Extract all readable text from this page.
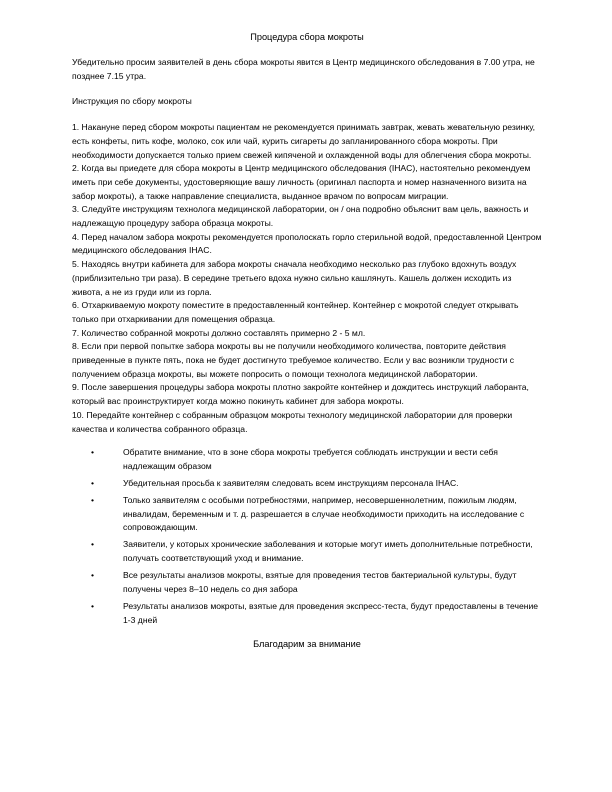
Процедура сбора мокроты
Убедительно просим заявителей в день сбора мокроты явится в Центр медицинского обследования в 7.00 утра, не позднее 7.15 утра.
Инструкция по сбору мокроты
1. Накануне перед сбором мокроты пациентам не рекомендуется принимать завтрак, жевать жевательную резинку, есть конфеты, пить кофе, молоко, сок или чай, курить сигареты до запланированного сбора мокроты. При необходимости допускается только прием свежей кипяченой и охлажденной воды для облегчения сбора мокроты.
2. Когда вы приедете для сбора мокроты в Центр медицинского обследования (IHAC), настоятельно рекомендуем иметь при себе документы, удостоверяющие вашу личность (оригинал паспорта и номер назначенного визита на забор мокроты), а также направление специалиста, выданное врачом по вопросам миграции.
3. Следуйте инструкциям технолога медицинской лаборатории, он / она подробно объяснит вам цель, важность и надлежащую процедуру забора образца мокроты.
4. Перед началом забора мокроты рекомендуется прополоскать горло стерильной водой, предоставленной Центром медицинского обследования IHAC.
5. Находясь внутри кабинета для забора мокроты сначала необходимо несколько раз глубоко вдохнуть воздух (приблизительно три раза). В середине третьего вдоха нужно сильно кашлянуть. Кашель должен исходить из живота, а не из груди или из горла.
6. Отхаркиваемую мокроту поместите в предоставленный контейнер. Контейнер с мокротой следует открывать только при отхаркивании для помещения образца.
7. Количество собранной мокроты должно составлять примерно 2 - 5 мл.
8. Если при первой попытке забора мокроты вы не получили необходимого количества, повторите действия приведенные в пункте пять, пока не будет достигнуто требуемое количество. Если у вас возникли трудности с получением образца мокроты, вы можете попросить о помощи технолога медицинской лаборатории.
9. После завершения процедуры забора мокроты плотно закройте контейнер и дождитесь инструкций лаборанта, который вас проинструктирует когда можно покинуть кабинет для забора мокроты.
10. Передайте контейнер с собранным образцом мокроты технологу медицинской лаборатории для проверки качества и количества собранного образца.
•	Обратите внимание, что в зоне сбора мокроты требуется соблюдать инструкции и вести себя надлежащим образом
•	Убедительная просьба к заявителям следовать всем инструкциям персонала IHAC.
•	Только заявителям с особыми потребностями, например, несовершеннолетним, пожилым людям, инвалидам, беременным и т. д. разрешается в случае необходимости приходить на исследование с сопровождающим.
•	Заявители, у которых хронические заболевания и которые могут иметь дополнительные потребности, получать соответствующий уход и внимание.
•	Все результаты анализов мокроты, взятые для проведения тестов бактериальной культуры, будут получены через 8–10 недель со дня забора
•	Результаты анализов мокроты, взятые для проведения экспресс-теста, будут предоставлены в течение 1-3 дней
Благодарим за внимание
